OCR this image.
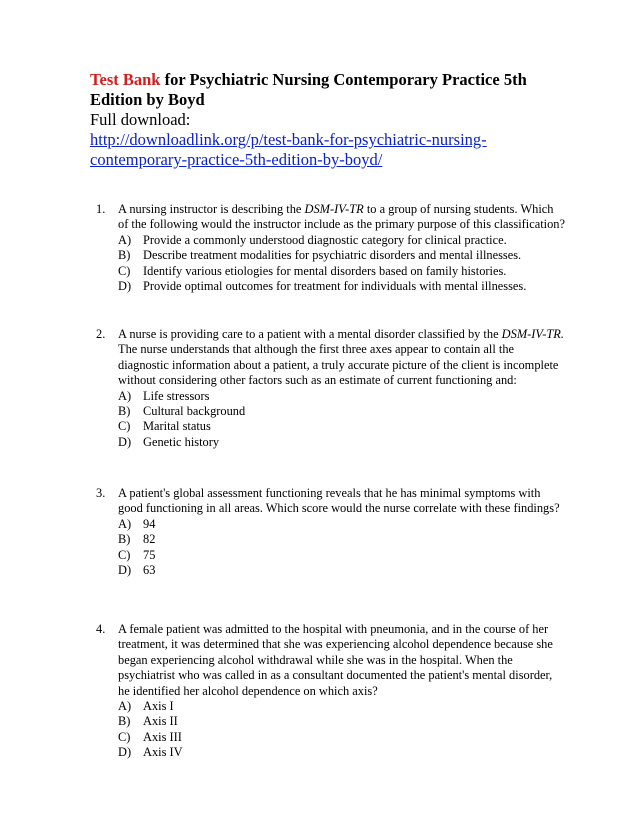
Test Bank for Psychiatric Nursing Contemporary Practice 5th Edition by Boyd

Full download:

http://downloadlink.org/p/test-bank-for-psychiatric-nursing-contemporary-practice-5th-edition-by-boyd/
1. A nursing instructor is describing the DSM-IV-TR to a group of nursing students. Which of the following would the instructor include as the primary purpose of this classification?

A) Provide a commonly understood diagnostic category for clinical practice.

B)	Describe treatment modalities for psychiatric disorders and mental illnesses.

C)	Identify various etiologies for mental disorders based on family histories.

D) Provide optimal outcomes for treatment for individuals with mental illnesses.

2. A nurse is providing care to a patient with a mental disorder classified by the DSM-IV-TR. The nurse understands that although the first three axes appear to contain all the diagnostic information about a patient, a truly accurate picture of the client is incomplete without considering other factors such as an estimate of current functioning and:

A) Life stressors

B)	Cultural background

C)	Marital status

D) Genetic history

3. A patient's global assessment functioning reveals that he has minimal symptoms with good functioning in all areas. Which score would the nurse correlate with these findings?

A) 94

B)	82

C)	75

D) 63

4. A female patient was admitted to the hospital with pneumonia, and in the course of her treatment, it was determined that she was experiencing alcohol dependence because she began experiencing alcohol withdrawal while she was in the hospital. When the psychiatrist who was called in as a consultant documented the patient's mental disorder, he identified her alcohol dependence on which axis?

A) Axis I

B)	Axis II

C)	Axis III

D) Axis IV
